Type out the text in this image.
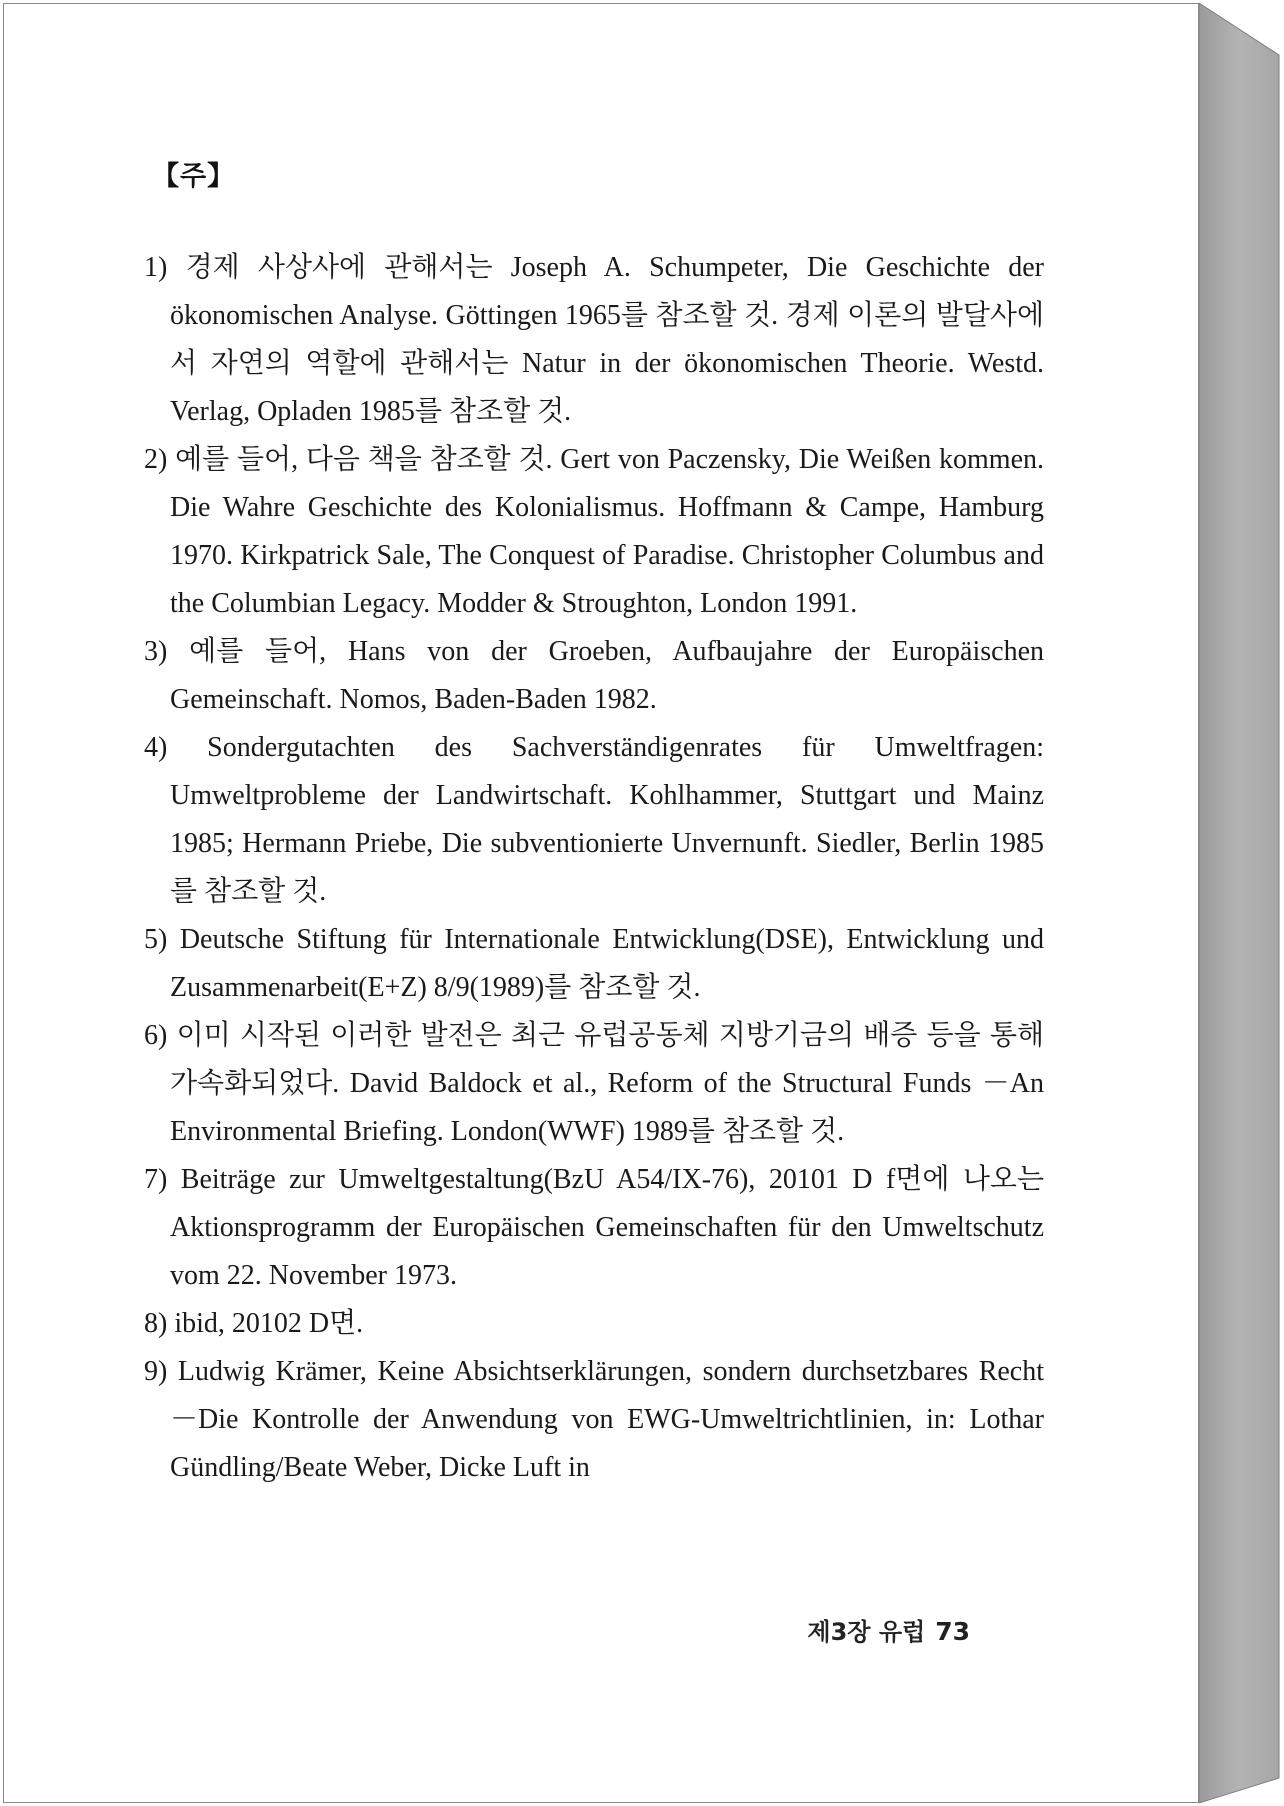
【주】

1) 경제 사상사에 관해서는 Joseph A. Schumpeter, Die Geschichte der ökonomischen Analyse. Göttingen 1965를 참조할 것. 경제 이론의 발달사에서 자연의 역할에 관해서는 Natur in der ökonomischen Theorie. Westd. Verlag, Opladen 1985를 참조할 것.

2) 예를 들어, 다음 책을 참조할 것. Gert von Paczensky, Die Weißen kommen. Die Wahre Geschichte des Kolonialismus. Hoffmann & Campe, Hamburg 1970. Kirkpatrick Sale, The Conquest of Paradise. Christopher Columbus and the Columbian Legacy. Modder & Stroughton, London 1991.

3) 예를 들어, Hans von der Groeben, Aufbaujahre der Europäischen Gemeinschaft. Nomos, Baden-Baden 1982.

4) Sondergutachten des Sachverständigenrates für Umweltfragen: Umweltprobleme der Landwirtschaft. Kohlhammer, Stuttgart und Mainz 1985; Hermann Priebe, Die subventionierte Unvernunft. Siedler, Berlin 1985를 참조할 것.

5) Deutsche Stiftung für Internationale Entwicklung(DSE), Entwicklung und Zusammenarbeit(E+Z) 8/9(1989)를 참조할 것.

6) 이미 시작된 이러한 발전은 최근 유럽공동체 지방기금의 배증 등을 통해 가속화되었다. David Baldock et al., Reform of the Structural Funds －An Environmental Briefing. London(WWF) 1989를 참조할 것.

7) Beiträge zur Umweltgestaltung(BzU A54/IX-76), 20101 D f면에 나오는 Aktionsprogramm der Europäischen Gemeinschaften für den Umweltschutz vom 22. November 1973.

8) ibid, 20102 D면.

9) Ludwig Krämer, Keine Absichtserklärungen, sondern durchsetzbares Recht－Die Kontrolle der Anwendung von EWG-Umweltrichtlinien, in: Lothar Gündling/Beate Weber, Dicke Luft in

제3장 유럽 73
